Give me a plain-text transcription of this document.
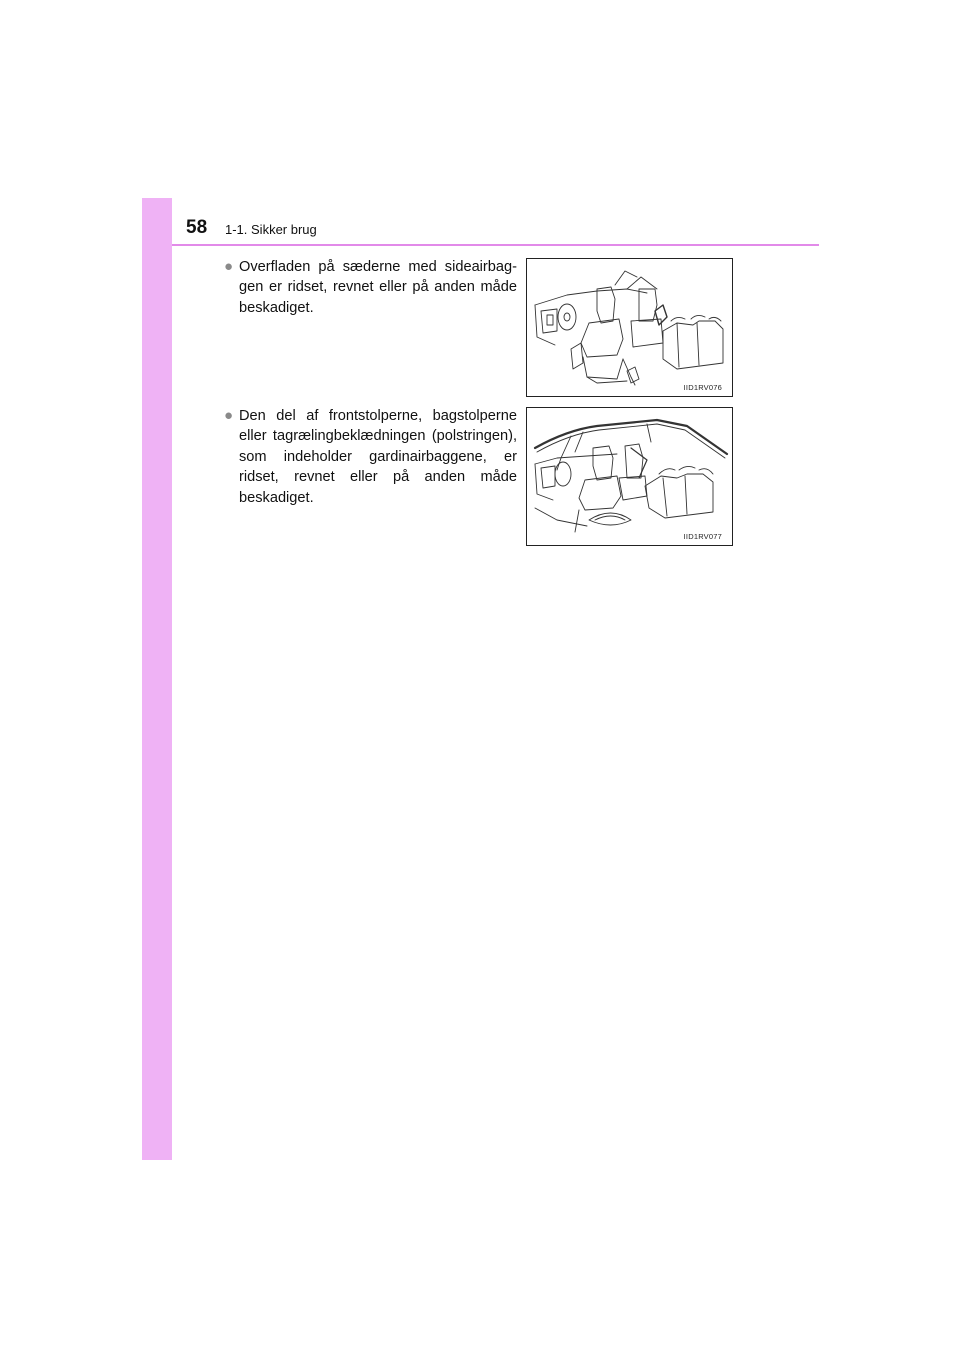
58 1-1. Sikker brug
● Overfladen på sæderne med sideairbag-gen er ridset, revnet eller på anden måde beskadiget.
IID1RV076
● Den del af frontstolperne, bagstolperne eller tagrælingbeklædningen (polstringen), som indeholder gardinairbaggene, er ridset, revnet eller på anden måde beskadiget.
IID1RV077
